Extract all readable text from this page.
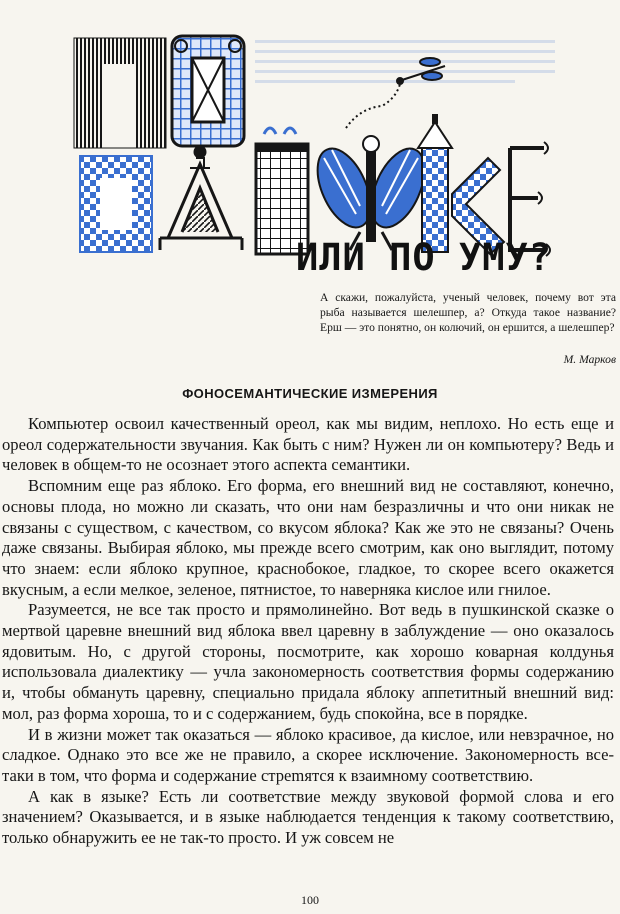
ИЛИ ПО УМУ?

А скажи, пожалуйста, ученый человек, почему вот эта рыба называется шелешпер, а? Откуда такое название? Ерш — это понятно, он колючий, он ершится, а шелешпер?

М. Марков

ФОНОСЕМАНТИЧЕСКИЕ ИЗМЕРЕНИЯ

Компьютер освоил качественный ореол, как мы видим, неплохо. Но есть еще и ореол содержательности звучания. Как быть с ним? Нужен ли он компьютеру? Ведь и человек в общем-то не осознает этого аспекта семантики.

Вспомним еще раз яблоко. Его форма, его внешний вид не составляют, конечно, основы плода, но можно ли сказать, что они нам безразличны и что они никак не связаны с существом, с качеством, со вкусом яблока? Как же это не связаны? Очень даже связаны. Выбирая яблоко, мы прежде всего смотрим, как оно выглядит, потому что знаем: если яблоко крупное, краснобокое, гладкое, то скорее всего окажется вкусным, а если мелкое, зеленое, пятнистое, то наверняка кислое или гнилое.

Разумеется, не все так просто и прямолинейно. Вот ведь в пушкинской сказке о мертвой царевне внешний вид яблока ввел царевну в заблуждение — оно оказалось ядовитым. Но, с другой стороны, посмотрите, как хорошо коварная колдунья использовала диалектику — учла закономерность соответствия формы содержанию и, чтобы обмануть царевну, специально придала яблоку аппетитный внешний вид: мол, раз форма хороша, то и с содержанием, будь спокойна, все в порядке.

И в жизни может так оказаться — яблоко красивое, да кислое, или невзрачное, но сладкое. Однако это все же не правило, а скорее исключение. Закономерность все-таки в том, что форма и содержание стреmятся к взаимному соответствию.

А как в языке? Есть ли соответствие между звуковой формой слова и его значением? Оказывается, и в языке наблюдается тенденция к такому соответствию, только обнаружить ее не так-то просто. И уж совсем не

100
